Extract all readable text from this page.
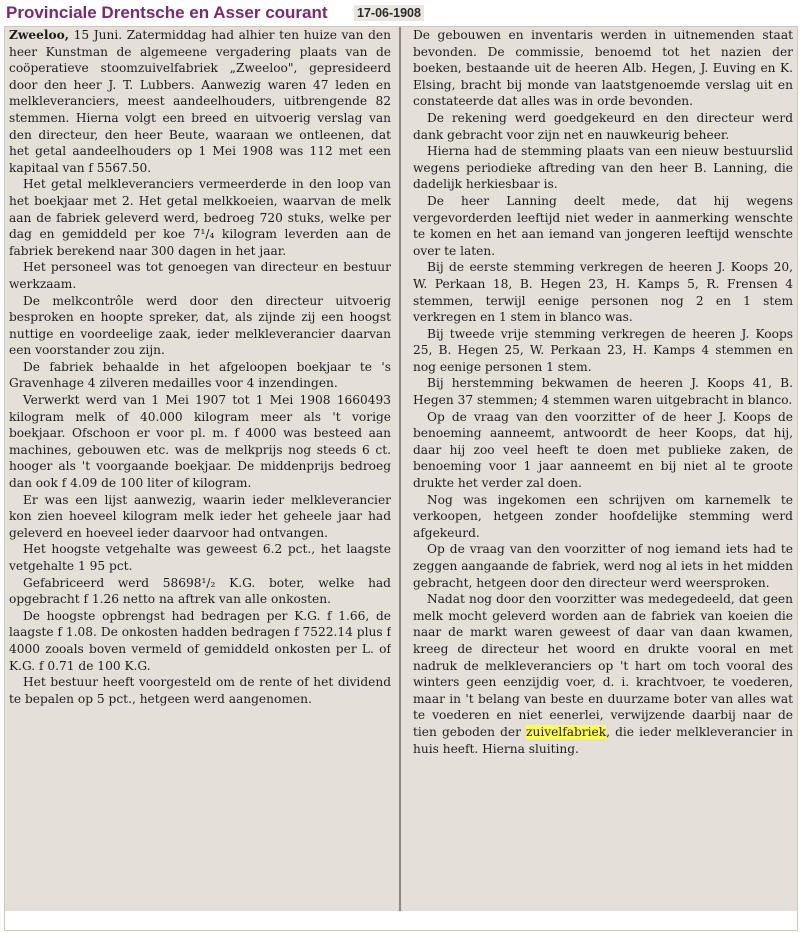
Provinciale Drentsche en Asser courant 17-06-1908

Zweeloo, 15 Juni. Zatermiddag had alhier ten huize van den heer Kunstman de algemeene vergadering plaats van de coöperatieve stoomzuivelfabriek „Zweeloo", gepresideerd door den heer J. T. Lubbers. Aanwezig waren 47 leden en melkleveranciers, meest aandeelhouders, uitbrengende 82 stemmen. Hierna volgt een breed en uitvoerig verslag van den directeur, den heer Beute, waaraan we ontleenen, dat het getal aandeelhouders op 1 Mei 1908 was 112 met een kapitaal van f 5567.50.

Het getal melkleveranciers vermeerderde in den loop van het boekjaar met 2. Het getal melkkoeien, waarvan de melk aan de fabriek geleverd werd, bedroeg 720 stuks, welke per dag en gemiddeld per koe 7¹/₄ kilogram leverden aan de fabriek berekend naar 300 dagen in het jaar.

Het personeel was tot genoegen van directeur en bestuur werkzaam.

De melkcontrôle werd door den directeur uitvoerig besproken en hoopte spreker, dat, als zijnde zij een hoogst nuttige en voordeelige zaak, ieder melkleverancier daarvan een voorstander zou zijn.

De fabriek behaalde in het afgeloopen boekjaar te 's Gravenhage 4 zilveren medailles voor 4 inzendingen.

Verwerkt werd van 1 Mei 1907 tot 1 Mei 1908 1660493 kilogram melk of 40.000 kilogram meer als 't vorige boekjaar. Ofschoon er voor pl. m. f 4000 was besteed aan machines, gebouwen etc. was de melkprijs nog steeds 6 ct. hooger als 't voorgaande boekjaar. De middenprijs bedroeg dan ook f 4.09 de 100 liter of kilogram.

Er was een lijst aanwezig, waarin ieder melkleverancier kon zien hoeveel kilogram melk ieder het geheele jaar had geleverd en hoeveel ieder daarvoor had ontvangen.

Het hoogste vetgehalte was geweest 6.2 pct., het laagste vetgehalte 1 95 pct.

Gefabriceerd werd 58698¹/₂ K.G. boter, welke had opgebracht f 1.26 netto na aftrek van alle onkosten.

De hoogste opbrengst had bedragen per K.G. f 1.66, de laagste f 1.08. De onkosten hadden bedragen f 7522.14 plus f 4000 zooals boven vermeld of gemiddeld onkosten per L. of K.G. f 0.71 de 100 K.G.

Het bestuur heeft voorgesteld om de rente of het dividend te bepalen op 5 pct., hetgeen werd aangenomen.

De gebouwen en inventaris werden in uitnemenden staat bevonden. De commissie, benoemd tot het nazien der boeken, bestaande uit de heeren Alb. Hegen, J. Euving en K. Elsing, bracht bij monde van laatstgenoemde verslag uit en constateerde dat alles was in orde bevonden.

De rekening werd goedgekeurd en den directeur werd dank gebracht voor zijn net en nauwkeurig beheer.

Hierna had de stemming plaats van een nieuw bestuurslid wegens periodieke aftreding van den heer B. Lanning, die dadelijk herkiesbaar is.

De heer Lanning deelt mede, dat hij wegens vergevorderden leeftijd niet weder in aanmerking wenschte te komen en het aan iemand van jongeren leeftijd wenschte over te laten.

Bij de eerste stemming verkregen de heeren J. Koops 20, W. Perkaan 18, B. Hegen 23, H. Kamps 5, R. Frensen 4 stemmen, terwijl eenige personen nog 2 en 1 stem verkregen en 1 stem in blanco was.

Bij tweede vrije stemming verkregen de heeren J. Koops 25, B. Hegen 25, W. Perkaan 23, H. Kamps 4 stemmen en nog eenige personen 1 stem.

Bij herstemming bekwamen de heeren J. Koops 41, B. Hegen 37 stemmen; 4 stemmen waren uitgebracht in blanco.

Op de vraag van den voorzitter of de heer J. Koops de benoeming aanneemt, antwoordt de heer Koops, dat hij, daar hij zoo veel heeft te doen met publieke zaken, de benoeming voor 1 jaar aanneemt en bij niet al te groote drukte het verder zal doen.

Nog was ingekomen een schrijven om karnemelk te verkoopen, hetgeen zonder hoofdelijke stemming werd afgekeurd.

Op de vraag van den voorzitter of nog iemand iets had te zeggen aangaande de fabriek, werd nog al iets in het midden gebracht, hetgeen door den directeur werd weersproken.

Nadat nog door den voorzitter was medegedeeld, dat geen melk mocht geleverd worden aan de fabriek van koeien die naar de markt waren geweest of daar van daan kwamen, kreeg de directeur het woord en drukte vooral en met nadruk de melkleveranciers op 't hart om toch vooral des winters geen eenzijdig voer, d. i. krachtvoer, te voederen, maar in 't belang van beste en duurzame boter van alles wat te voederen en niet eenerlei, verwijzende daarbij naar de tien geboden der zuivelfabriek, die ieder melkleverancier in huis heeft. Hierna sluiting.
